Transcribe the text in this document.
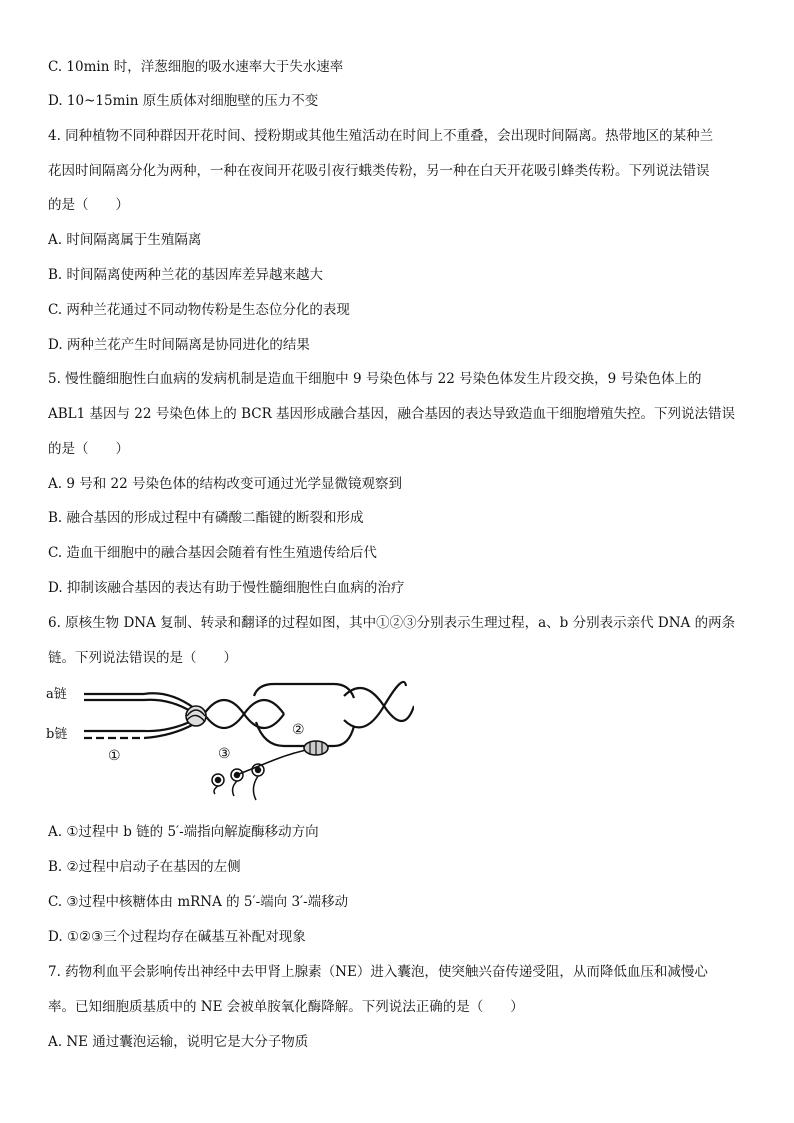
C. 10min 时，洋葱细胞的吸水速率大于失水速率
D. 10~15min 原生质体对细胞壁的压力不变
4. 同种植物不同种群因开花时间、授粉期或其他生殖活动在时间上不重叠，会出现时间隔离。热带地区的某种兰
花因时间隔离分化为两种，一种在夜间开花吸引夜行蛾类传粉，另一种在白天开花吸引蜂类传粉。下列说法错误
的是（　　）
A. 时间隔离属于生殖隔离
B. 时间隔离使两种兰花的基因库差异越来越大
C. 两种兰花通过不同动物传粉是生态位分化的表现
D. 两种兰花产生时间隔离是协同进化的结果
5. 慢性髓细胞性白血病的发病机制是造血干细胞中 9 号染色体与 22 号染色体发生片段交换，9 号染色体上的
ABL1 基因与 22 号染色体上的 BCR 基因形成融合基因，融合基因的表达导致造血干细胞增殖失控。下列说法错误
的是（　　）
A. 9 号和 22 号染色体的结构改变可通过光学显微镜观察到
B. 融合基因的形成过程中有磷酸二酯键的断裂和形成
C. 造血干细胞中的融合基因会随着有性生殖遗传给后代
D. 抑制该融合基因的表达有助于慢性髓细胞性白血病的治疗
6. 原核生物 DNA 复制、转录和翻译的过程如图，其中①②③分别表示生理过程，a、b 分别表示亲代 DNA 的两条
链。下列说法错误的是（　　）
a链
b链
①
②
③
A. ①过程中 b 链的 5′-端指向解旋酶移动方向
B. ②过程中启动子在基因的左侧
C. ③过程中核糖体由 mRNA 的 5′-端向 3′-端移动
D. ①②③三个过程均存在碱基互补配对现象
7. 药物利血平会影响传出神经中去甲肾上腺素（NE）进入囊泡，使突触兴奋传递受阻，从而降低血压和减慢心
率。已知细胞质基质中的 NE 会被单胺氧化酶降解。下列说法正确的是（　　）
A. NE 通过囊泡运输，说明它是大分子物质
